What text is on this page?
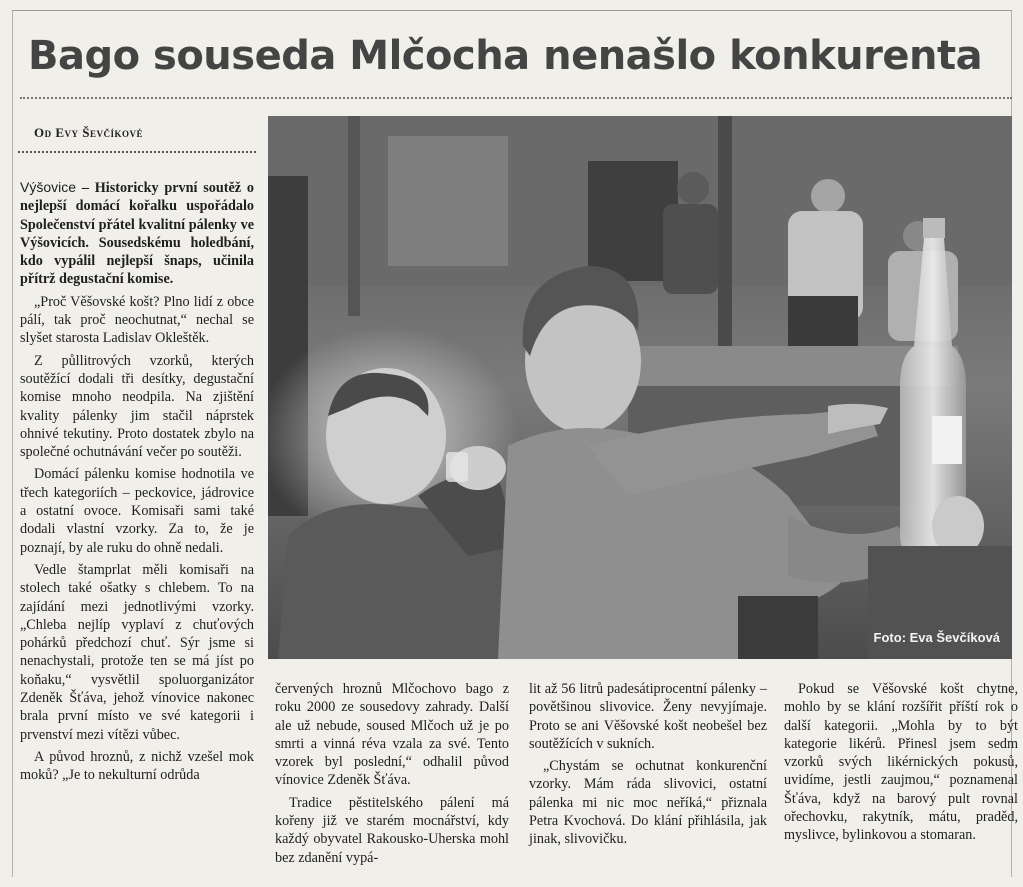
Bago souseda Mlčocha nenašlo konkurenta
Od Evy Ševčíkové

Výšovice – Historicky první soutěž o nejlepší domácí kořalku uspořádalo Společenství přátel kvalitní pálenky ve Výšovicích. Sousedskému holedbání, kdo vypálil nejlepší šnaps, učinila přítrž degustační komise.

„Proč Věšovské košt? Plno lidí z obce pálí, tak proč neochutnat,“ nechal se slyšet starosta Ladislav Okleštěk.

Z půllitrových vzorků, kterých soutěžící dodali tři desítky, degustační komise mnoho neodpila. Na zjištění kvality pálenky jim stačil náprstek ohnivé tekutiny. Proto dostatek zbylo na společné ochutnávání večer po soutěži.

Domácí pálenku komise hodnotila ve třech kategoriích – peckovice, jádrovice a ostatní ovoce. Komisaři sami také dodali vlastní vzorky. Za to, že je poznají, by ale ruku do ohně nedali.

Vedle štamprlat měli komisaři na stolech také ošatky s chlebem. To na zajídání mezi jednotlivými vzorky. „Chleba nejlíp vyplaví z chuťových pohárků předchozí chuť. Sýr jsme si nenachystali, protože ten se má jíst po koňaku,“ vysvětlil spoluorganizátor Zdeněk Šťáva, jehož vínovice nakonec brala první místo ve své kategorii i prvenství mezi vítězi vůbec.

A původ hroznů, z nichž vzešel mok moků? „Je to nekulturní odrůda

Foto: Eva Ševčíková

červených hroznů Mlčochovo bago z roku 2000 ze sousedovy zahrady. Další ale už nebude, soused Mlčoch už je po smrti a vinná réva vzala za své. Tento vzorek byl poslední,“ odhalil původ vínovice Zdeněk Šťáva.

Tradice pěstitelského pálení má kořeny již ve starém mocnářství, kdy každý obyvatel Rakousko-Uherska mohl bez zdanění vypá-

lit až 56 litrů padesátiprocentní pálenky – povětšinou slivovice. Ženy nevyjímaje. Proto se ani Věšovské košt neobešel bez soutěžících v sukních.

„Chystám se ochutnat konkurenční vzorky. Mám ráda slivovici, ostatní pálenka mi nic moc neříká,“ přiznala Petra Kvochová. Do klání přihlásila, jak jinak, slivovičku.

Pokud se Věšovské košt chytne, mohlo by se klání rozšířit příští rok o další kategorii. „Mohla by to být kategorie likérů. Přinesl jsem sedm vzorků svých likérnických pokusů, uvidíme, jestli zaujmou,“ poznamenal Šťáva, když na barový pult rovnal ořechovku, rakytník, mátu, praděd, myslivce, bylinkovou a stomaran.
